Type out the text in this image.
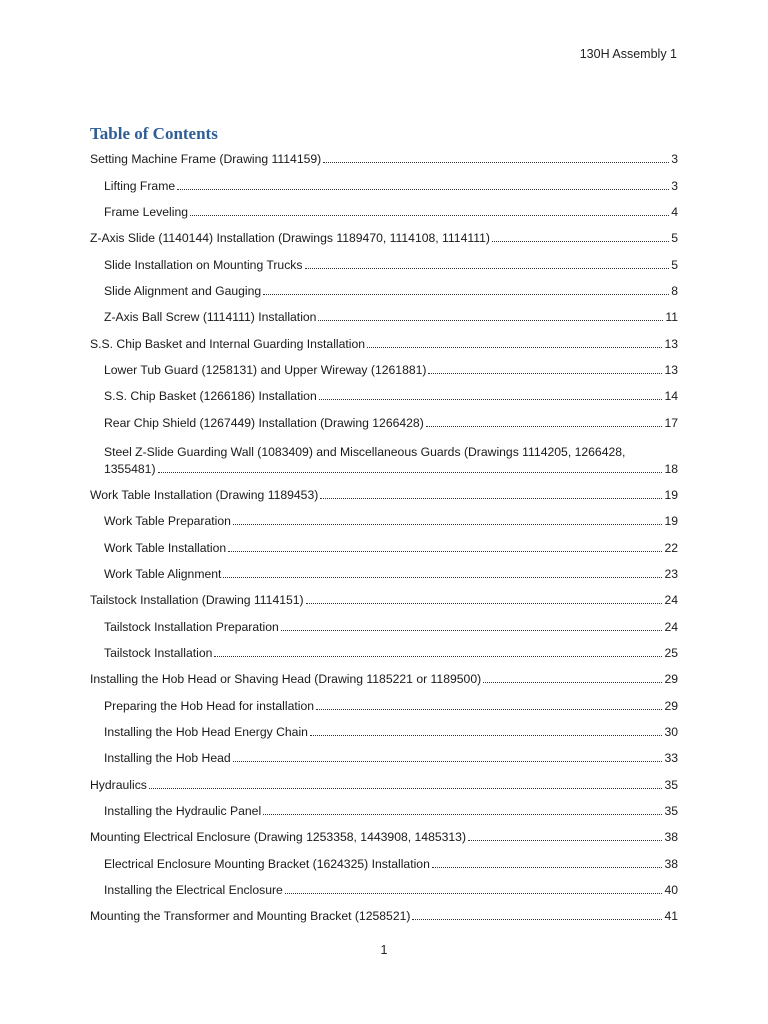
130H Assembly 1
Table of Contents
Setting Machine Frame (Drawing 1114159)	3
Lifting Frame	3
Frame Leveling	4
Z-Axis Slide (1140144) Installation (Drawings 1189470, 1114108, 1114111)	5
Slide Installation on Mounting Trucks	5
Slide Alignment and Gauging	8
Z-Axis Ball Screw (1114111) Installation	11
S.S. Chip Basket and Internal Guarding Installation	13
Lower Tub Guard (1258131) and Upper Wireway (1261881)	13
S.S. Chip Basket (1266186) Installation	14
Rear Chip Shield (1267449) Installation (Drawing 1266428)	17
Steel Z-Slide Guarding Wall (1083409) and Miscellaneous Guards (Drawings 1114205, 1266428,
1355481)	18
Work Table Installation (Drawing 1189453)	19
Work Table Preparation	19
Work Table Installation	22
Work Table Alignment	23
Tailstock Installation (Drawing 1114151)	24
Tailstock Installation Preparation	24
Tailstock Installation	25
Installing the Hob Head or Shaving Head (Drawing 1185221 or 1189500)	29
Preparing the Hob Head for installation	29
Installing the Hob Head Energy Chain	30
Installing the Hob Head	33
Hydraulics	35
Installing the Hydraulic Panel	35
Mounting Electrical Enclosure (Drawing 1253358, 1443908, 1485313)	38
Electrical Enclosure Mounting Bracket (1624325) Installation	38
Installing the Electrical Enclosure	40
Mounting the Transformer and Mounting Bracket (1258521)	41
1
